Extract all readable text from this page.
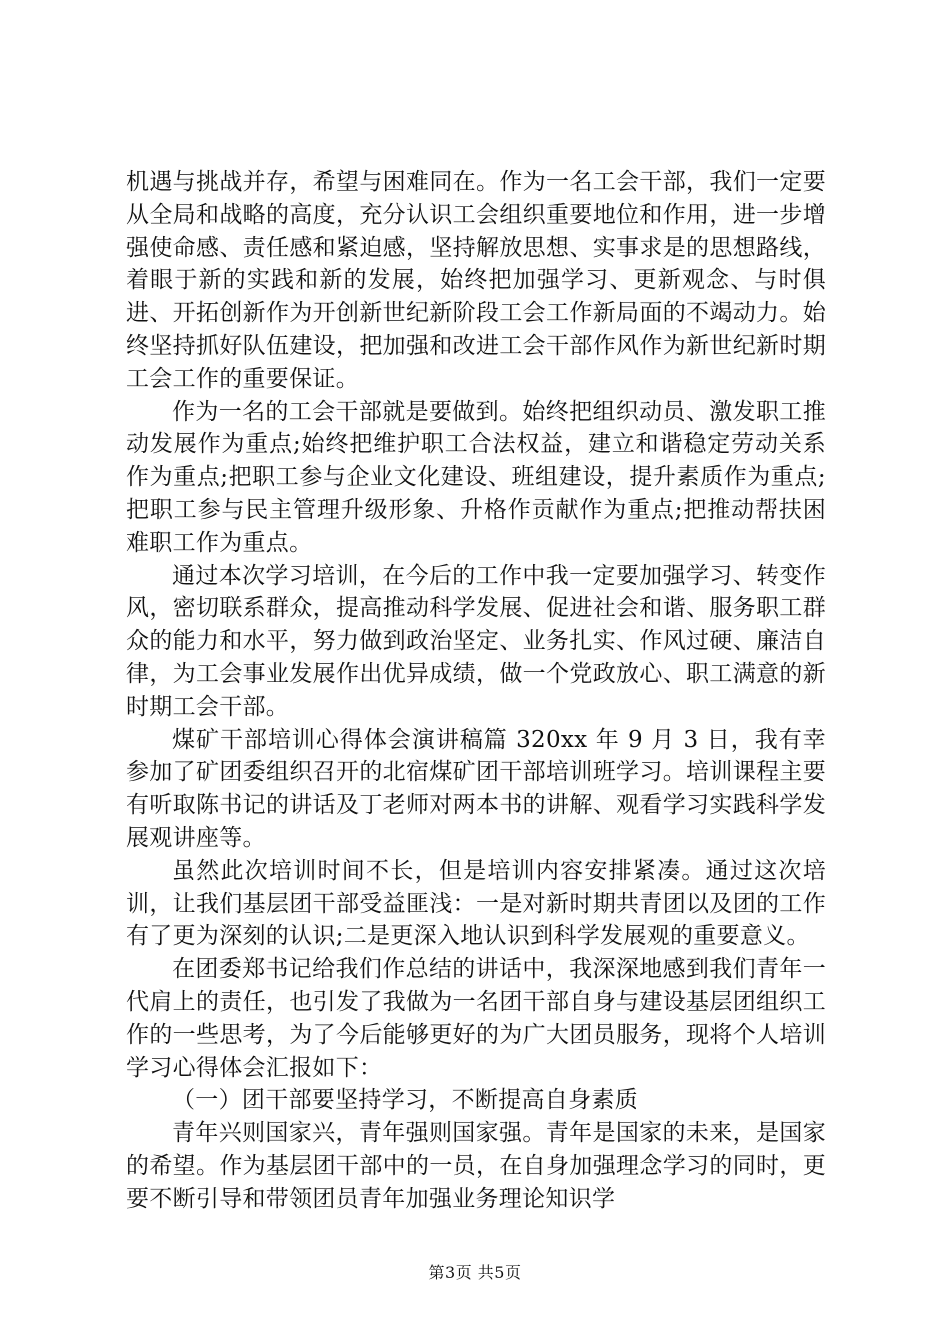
机遇与挑战并存，希望与困难同在。作为一名工会干部，我们一定要从全局和战略的高度，充分认识工会组织重要地位和作用，进一步增强使命感、责任感和紧迫感，坚持解放思想、实事求是的思想路线，着眼于新的实践和新的发展，始终把加强学习、更新观念、与时俱进、开拓创新作为开创新世纪新阶段工会工作新局面的不竭动力。始终坚持抓好队伍建设，把加强和改进工会干部作风作为新世纪新时期工会工作的重要保证。

作为一名的工会干部就是要做到。始终把组织动员、激发职工推动发展作为重点;始终把维护职工合法权益，建立和谐稳定劳动关系作为重点;把职工参与企业文化建设、班组建设，提升素质作为重点;把职工参与民主管理升级形象、升格作贡献作为重点;把推动帮扶困难职工作为重点。

通过本次学习培训，在今后的工作中我一定要加强学习、转变作风，密切联系群众，提高推动科学发展、促进社会和谐、服务职工群众的能力和水平，努力做到政治坚定、业务扎实、作风过硬、廉洁自律，为工会事业发展作出优异成绩，做一个党政放心、职工满意的新时期工会干部。

煤矿干部培训心得体会演讲稿篇 320xx 年 9 月 3 日，我有幸参加了矿团委组织召开的北宿煤矿团干部培训班学习。培训课程主要有听取陈书记的讲话及丁老师对两本书的讲解、观看学习实践科学发展观讲座等。

虽然此次培训时间不长，但是培训内容安排紧凑。通过这次培训，让我们基层团干部受益匪浅：一是对新时期共青团以及团的工作有了更为深刻的认识;二是更深入地认识到科学发展观的重要意义。

在团委郑书记给我们作总结的讲话中，我深深地感到我们青年一代肩上的责任，也引发了我做为一名团干部自身与建设基层团组织工作的一些思考，为了今后能够更好的为广大团员服务，现将个人培训学习心得体会汇报如下：

（一）团干部要坚持学习，不断提高自身素质

青年兴则国家兴，青年强则国家强。青年是国家的未来，是国家的希望。作为基层团干部中的一员，在自身加强理念学习的同时，更要不断引导和带领团员青年加强业务理论知识学

第3页 共5页
